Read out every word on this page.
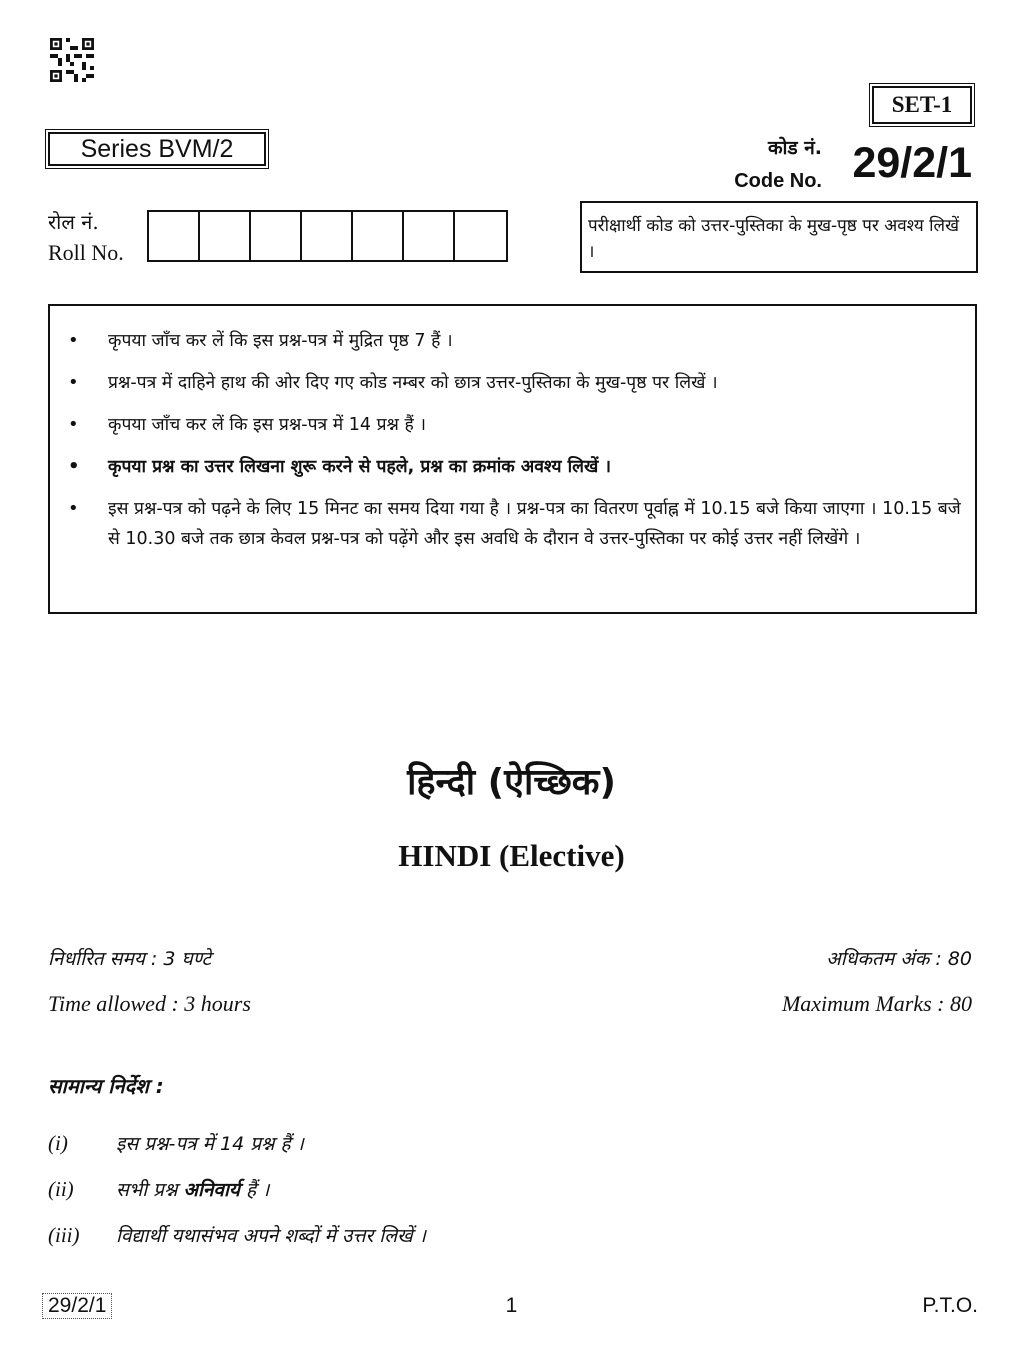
SET-1
Series BVM/2	कोड नं.
Code No. 29/2/1
रोल नं.
Roll No.
परीक्षार्थी कोड को उत्तर-पुस्तिका के मुख-पृष्ठ पर अवश्य लिखें ।
• कृपया जाँच कर लें कि इस प्रश्न-पत्र में मुद्रित पृष्ठ 7 हैं ।
• प्रश्न-पत्र में दाहिने हाथ की ओर दिए गए कोड नम्बर को छात्र उत्तर-पुस्तिका के मुख-पृष्ठ पर लिखें ।
• कृपया जाँच कर लें कि इस प्रश्न-पत्र में 14 प्रश्न हैं ।
• कृपया प्रश्न का उत्तर लिखना शुरू करने से पहले, प्रश्न का क्रमांक अवश्य लिखें ।
• इस प्रश्न-पत्र को पढ़ने के लिए 15 मिनट का समय दिया गया है । प्रश्न-पत्र का वितरण पूर्वाह्न में 10.15 बजे किया जाएगा । 10.15 बजे से 10.30 बजे तक छात्र केवल प्रश्न-पत्र को पढ़ेंगे और इस अवधि के दौरान वे उत्तर-पुस्तिका पर कोई उत्तर नहीं लिखेंगे ।
हिन्दी (ऐच्छिक)
HINDI (Elective)
निर्धारित समय : 3 घण्टे	अधिकतम अंक : 80
Time allowed : 3 hours	Maximum Marks : 80
सामान्य निर्देश :
(i)	इस प्रश्न-पत्र में 14 प्रश्न हैं ।
(ii)	सभी प्रश्न अनिवार्य हैं ।
(iii)	विद्यार्थी यथासंभव अपने शब्दों में उत्तर लिखें ।
29/2/1	1	P.T.O.
